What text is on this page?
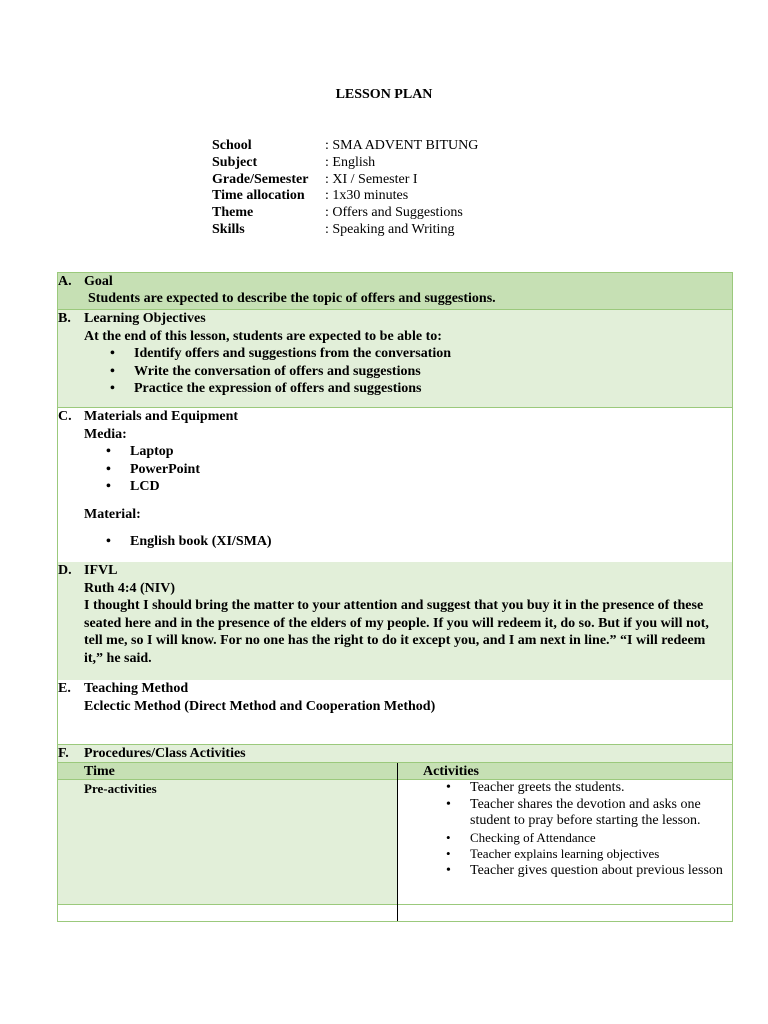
LESSON PLAN
School	: SMA ADVENT BITUNG
Subject	: English
Grade/Semester	: XI / Semester I
Time allocation	: 1x30 minutes
Theme	: Offers and Suggestions
Skills	: Speaking and Writing
A. Goal
Students are expected to describe the topic of offers and suggestions.
B. Learning Objectives
At the end of this lesson, students are expected to be able to:
• Identify offers and suggestions from the conversation
• Write the conversation of offers and suggestions
• Practice the expression of offers and suggestions
C. Materials and Equipment
Media:
• Laptop
• PowerPoint
• LCD
Material:
• English book (XI/SMA)
D. IFVL
Ruth 4:4 (NIV)
I thought I should bring the matter to your attention and suggest that you buy it in the presence of these seated here and in the presence of the elders of my people. If you will redeem it, do so. But if you will not, tell me, so I will know. For no one has the right to do it except you, and I am next in line.” “I will redeem it,” he said.
E. Teaching Method
Eclectic Method (Direct Method and Cooperation Method)
F.	Procedures/Class Activities
Time	Activities
Pre-activities
•	Teacher greets the students.
• Teacher shares the devotion and asks one student to pray before starting the lesson.
• Checking of Attendance
• Teacher explains learning objectives
• Teacher gives question about previous lesson
